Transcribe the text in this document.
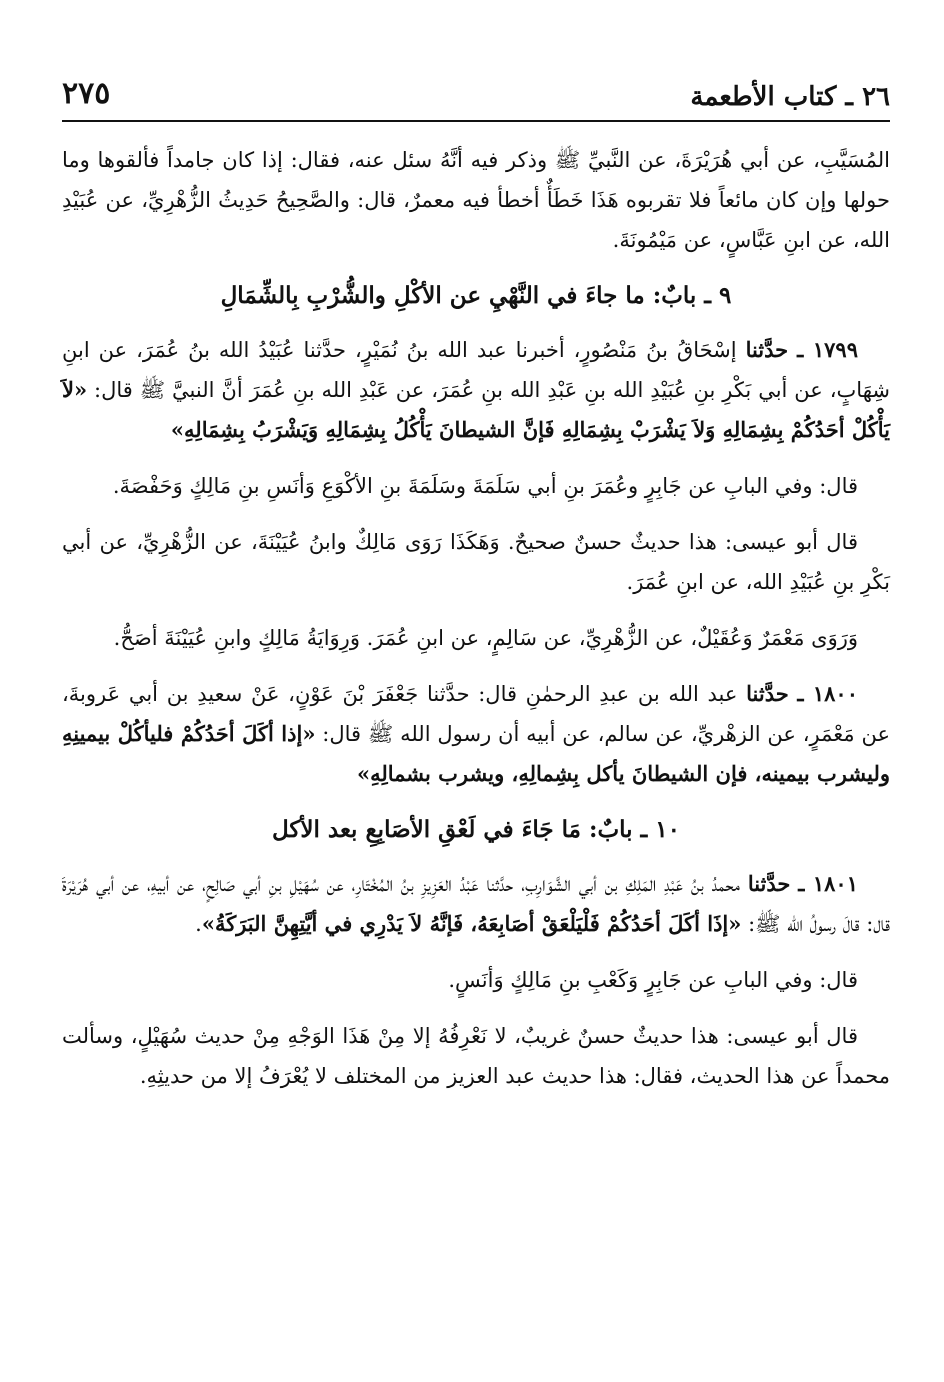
٢٦ ـ كتاب الأطعمة
٢٧٥

المُسَيَّبِ، عن أبي هُرَيْرَةَ، عن النَّبيِّ ﷺ وذكر فيه أنَّهُ سئل عنه، فقال: إذا كان جامداً فألقوها وما حولها وإن كان مائعاً فلا تقربوه هَذَا خَطَأٌ أخطأ فيه معمرٌ، قال: والصَّحِيحُ حَدِيثُ الزُّهْرِيِّ، عن عُبَيْدِ الله، عن ابنِ عَبَّاسٍ، عن مَيْمُونَةَ.

٩ ـ بابٌ: ما جاءَ في النَّهْيِ عن الأكْلِ والشُّرْبِ بِالشِّمَالِ

١٧٩٩ ـ حدَّثنا إسْحَاقُ بنُ مَنْصُورٍ، أخبرنا عبد الله بنُ نُمَيْرٍ، حدَّثنا عُبَيْدُ الله بنُ عُمَرَ، عن ابنِ شِهَابٍ، عن أبي بَكْرِ بنِ عُبَيْدِ الله بنِ عَبْدِ الله بنِ عُمَرَ، عن عَبْدِ الله بنِ عُمَرَ أنَّ النبيَّ ﷺ قال: «لاَ يَأْكُلْ أحَدُكُمْ بِشِمَالِهِ وَلاَ يَشْرَبْ بِشِمَالِهِ فَإنَّ الشيطانَ يَأْكُلُ بِشِمَالِهِ وَيَشْرَبُ بِشِمَالِهِ»

قال: وفي البابِ عن جَابِرٍ وعُمَرَ بنِ أبي سَلَمَةَ وسَلَمَةَ بنِ الأكْوَعِ وَأنَسِ بنِ مَالِكٍ وَحَفْصَةَ.

قال أبو عيسى: هذا حديثٌ حسنٌ صحيحٌ. وَهَكَذَا رَوَى مَالِكٌ وابنُ عُيَيْنَةَ، عن الزُّهْرِيِّ، عن أبي بَكْرِ بنِ عُبَيْدِ الله، عن ابنِ عُمَرَ.

وَرَوَى مَعْمَرٌ وَعُقَيْلٌ، عن الزُّهْرِيِّ، عن سَالِمٍ، عن ابنِ عُمَرَ. وَرِوَايَةُ مَالِكٍ وابنِ عُيَيْنَةَ أصَحُّ.

١٨٠٠ ـ حدَّثنا عبد الله بن عبدِ الرحمٰنِ قال: حدَّثنا جَعْفَرَ بْنَ عَوْنٍ، عَنْ سعيدِ بن أبي عَروبةَ، عن مَعْمَرٍ، عن الزهْريِّ، عن سالم، عن أبيه أن رسول الله ﷺ قال: «إذا أكَلَ أحَدُكُمْ فليأكُلْ بيمينِهِ وليشرب بيمينه، فإن الشيطانَ يأكل بِشِمالِهِ، ويشرب بشمالِهِ»

١٠ ـ بابٌ: مَا جَاءَ في لَعْقِ الأصَابِعِ بعد الأكل

١٨٠١ ـ حدَّثنا محمدُ بنُ عَبْدِ المَلِكِ بن أبي الشَّوَارِبِ، حدَّثنا عَبْدُ العَزِيزِ بنُ المُخْتَارِ، عن سُهَيْلِ بنِ أبي صَالِحٍ، عن أبيهِ، عن أبي هُرَيْرَةَ قال: قالَ رسولُ الله ﷺ: «إذَا أكَلَ أحَدُكُمْ فَلْيَلْعَقْ أصَابِعَهُ، فَإنَّهُ لاَ يَدْرِي في أيَّتِهِنَّ البَرَكَةُ».

قال: وفي البابِ عن جَابِرٍ وَكَعْبِ بنِ مَالِكٍ وَأنَسٍ.

قال أبو عيسى: هذا حديثٌ حسنٌ غريبٌ، لا نَعْرِفُهُ إلا مِنْ هَذَا الوَجْهِ مِنْ حديث سُهَيْلٍ، وسألت محمداً عن هذا الحديث، فقال: هذا حديث عبد العزيز من المختلف لا يُعْرَفُ إلا من حديثِهِ.
